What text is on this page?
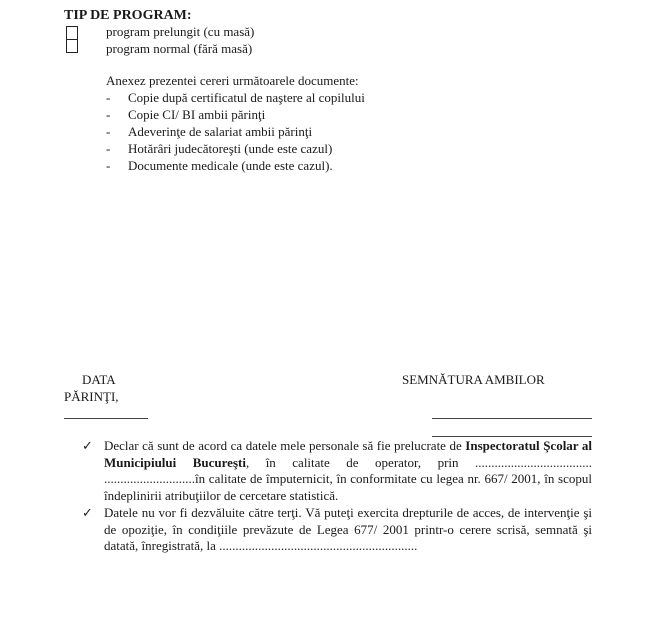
TIP DE PROGRAM:
program prelungit (cu masă)
program normal (fără masă)
Anexez prezentei cereri următoarele documente:
- Copie după certificatul de naştere al copilului
- Copie CI/ BI ambii părinţi
- Adeverinţe de salariat ambii părinţi
- Hotărâri judecătoreşti (unde este cazul)
- Documente medicale (unde este cazul).
DATA
PĂRINŢI,
SEMNĂTURA AMBILOR
✓ Declar că sunt de acord ca datele mele personale să fie prelucrate de Inspectoratul Şcolar al Municipiului Bucureşti, în calitate de operator, prin .................................... ............................în calitate de împuternicit, în conformitate cu legea nr. 667/ 2001, în scopul îndeplinirii atribuţiilor de cercetare statistică.
✓ Datele nu vor fi dezvăluite către terţi. Vă puteţi exercita drepturile de acces, de intervenţie şi de opoziţie, în condiţiile prevăzute de Legea 677/ 2001 printr-o cerere scrisă, semnată şi datată, înregistrată, la .............................................................
